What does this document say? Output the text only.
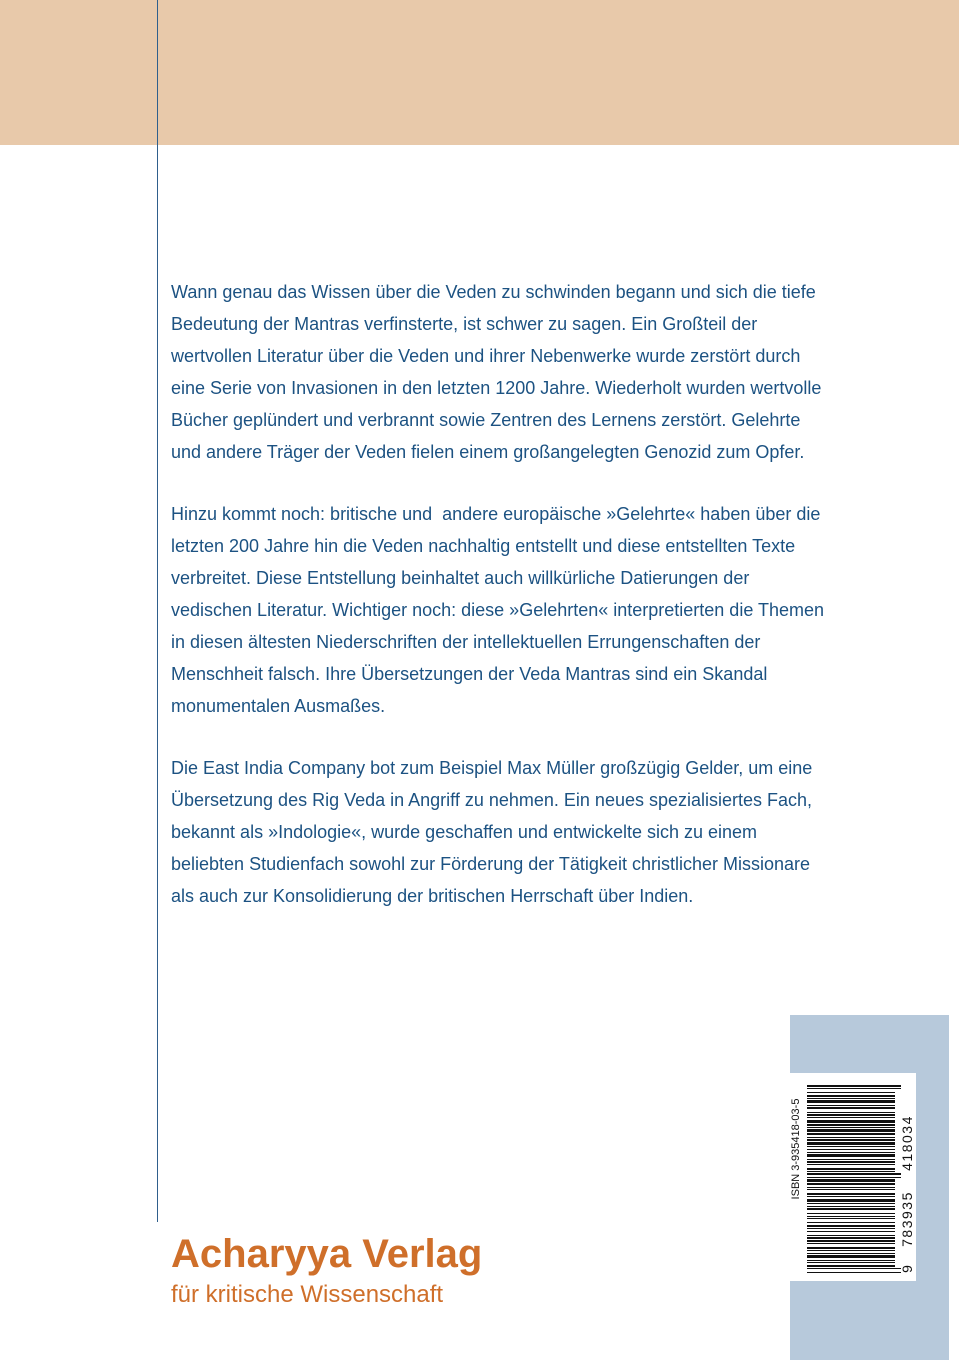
Wann genau das Wissen über die Veden zu schwinden begann und sich die tiefe
Bedeutung der Mantras verfinsterte, ist schwer zu sagen. Ein Großteil der
wertvollen Literatur über die Veden und ihrer Nebenwerke wurde zerstört durch
eine Serie von Invasionen in den letzten 1200 Jahre. Wiederholt wurden wertvolle
Bücher geplündert und verbrannt sowie Zentren des Lernens zerstört. Gelehrte
und andere Träger der Veden fielen einem großangelegten Genozid zum Opfer.
Hinzu kommt noch: britische und  andere europäische »Gelehrte« haben über die
letzten 200 Jahre hin die Veden nachhaltig entstellt und diese entstellten Texte
verbreitet. Diese Entstellung beinhaltet auch willkürliche Datierungen der
vedischen Literatur. Wichtiger noch: diese »Gelehrten« interpretierten die Themen
in diesen ältesten Niederschriften der intellektuellen Errungenschaften der
Menschheit falsch. Ihre Übersetzungen der Veda Mantras sind ein Skandal
monumentalen Ausmaßes.
Die East India Company bot zum Beispiel Max Müller großzügig Gelder, um eine
Übersetzung des Rig Veda in Angriff zu nehmen. Ein neues spezialisiertes Fach,
bekannt als »Indologie«, wurde geschaffen und entwickelte sich zu einem
beliebten Studienfach sowohl zur Förderung der Tätigkeit christlicher Missionare
als auch zur Konsolidierung der britischen Herrschaft über Indien.
Acharyya Verlag
für kritische Wissenschaft
ISBN 3-935418-03-5
9
783935
418034
